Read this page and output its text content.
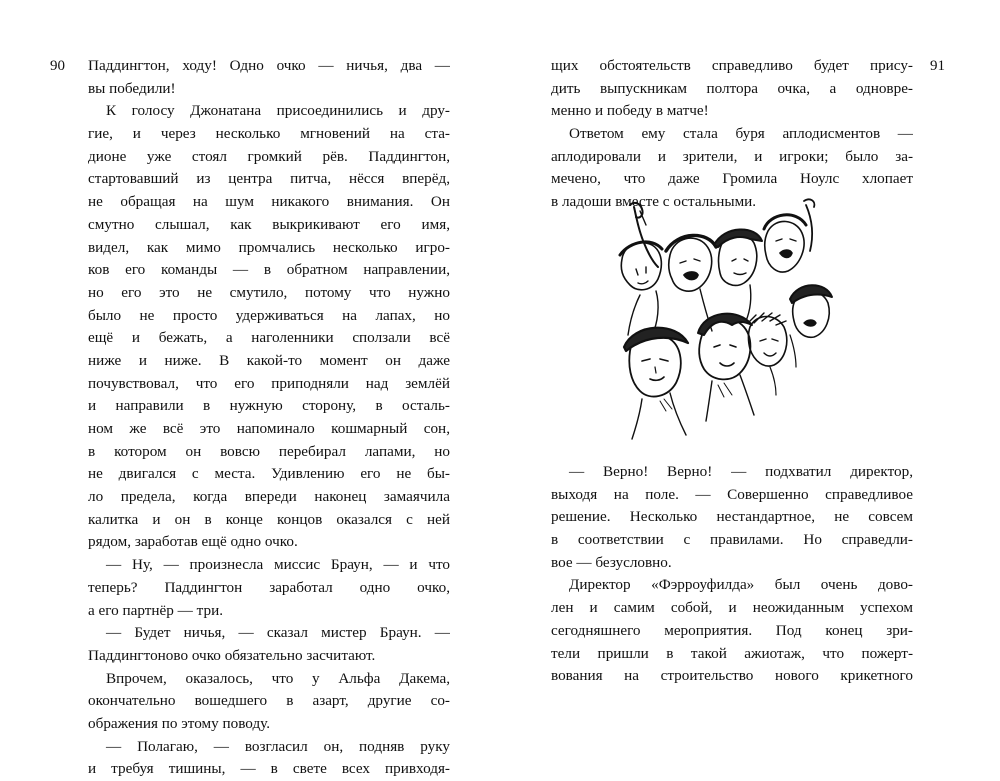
90 Паддингтон, ходу! Одно очко — ничья, два —
вы победили!
К голосу Джонатана присоединились и дру-
гие, и через несколько мгновений на ста-
дионе уже стоял громкий рёв. Паддингтон,
стартовавший из центра питча, нёсся вперёд,
не обращая на шум никакого внимания. Он
смутно слышал, как выкрикивают его имя,
видел, как мимо промчались несколько игро-
ков его команды — в обратном направлении,
но его это не смутило, потому что нужно
было не просто удерживаться на лапах, но
ещё и бежать, а наголенники сползали всё
ниже и ниже. В какой-то момент он даже
почувствовал, что его приподняли над землёй
и направили в нужную сторону, в осталь-
ном же всё это напоминало кошмарный сон,
в котором он вовсю перебирал лапами, но
не двигался с места. Удивлению его не бы-
ло предела, когда впереди наконец замаячила
калитка и он в конце концов оказался с ней
рядом, заработав ещё одно очко.
— Ну, — произнесла миссис Браун, — и что
теперь? Паддингтон заработал одно очко,
а его партнёр — три.
— Будет ничья, — сказал мистер Браун. —
Паддингтоново очко обязательно засчитают.
Впрочем, оказалось, что у Альфа Дакема,
окончательно вошедшего в азарт, другие со-
ображения по этому поводу.
— Полагаю, — возгласил он, подняв руку
и требуя тишины, — в свете всех привходя-
91
щих обстоятельств справедливо будет прису-
дить выпускникам полтора очка, а одновре-
менно и победу в матче!
Ответом ему стала буря аплодисментов —
аплодировали и зрители, и игроки; было за-
мечено, что даже Громила Ноулс хлопает
в ладоши вместе с остальными.
— Верно! Верно! — подхватил директор,
выходя на поле. — Совершенно справедливое
решение. Несколько нестандартное, не совсем
в соответствии с правилами. Но справедли-
вое — безусловно.
Директор «Фэрроуфилда» был очень дово-
лен и самим собой, и неожиданным успехом
сегодняшнего мероприятия. Под конец зри-
тели пришли в такой ажиотаж, что пожерт-
вования на строительство нового крикетного
